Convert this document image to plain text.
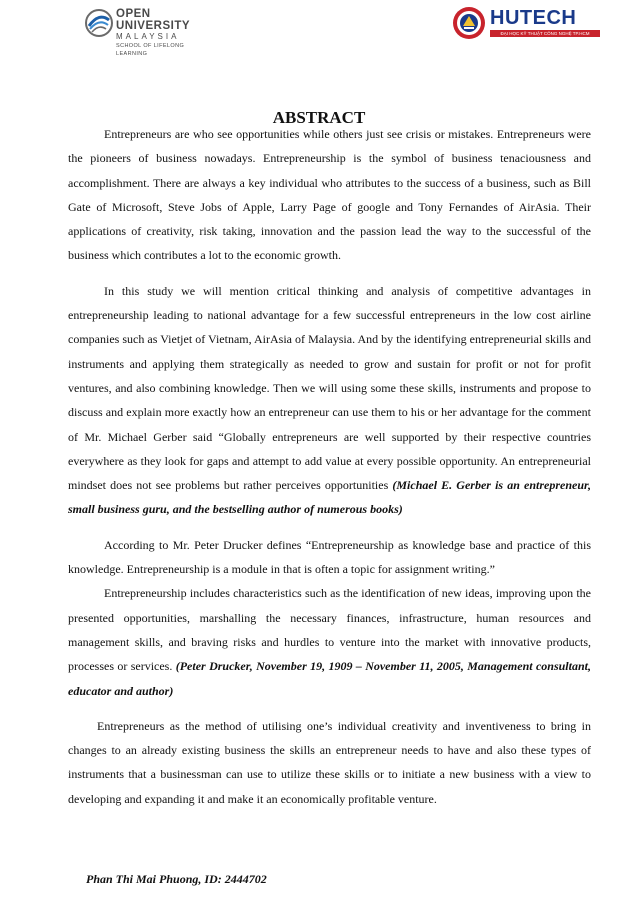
OPEN UNIVERSITY
MALAYSIA
SCHOOL OF LIFELONG LEARNING
HUTECH
ĐẠI HỌC KỸ THUẬT CÔNG NGHỆ TP.HCM
ABSTRACT

Entrepreneurs are who see opportunities while others just see crisis or mistakes. Entrepreneurs were the pioneers of business nowadays. Entrepreneurship is the symbol of business tenaciousness and accomplishment. There are always a key individual who attributes to the success of a business, such as Bill Gate of Microsoft, Steve Jobs of Apple, Larry Page of google and Tony Fernandes of AirAsia. Their applications of creativity, risk taking, innovation and the passion lead the way to the successful of the business which contributes a lot to the economic growth.

In this study we will mention critical thinking and analysis of competitive advantages in entrepreneurship leading to national advantage for a few successful entrepreneurs in the low cost airline companies such as Vietjet of Vietnam, AirAsia of Malaysia. And by the identifying entrepreneurial skills and instruments and applying them strategically as needed to grow and sustain for profit or not for profit ventures, and also combining knowledge. Then we will using some these skills, instruments and propose to discuss and explain more exactly how an entrepreneur can use them to his or her advantage for the comment of Mr. Michael Gerber said “Globally entrepreneurs are well supported by their respective countries everywhere as they look for gaps and attempt to add value at every possible opportunity. An entrepreneurial mindset does not see problems but rather perceives opportunities (Michael E. Gerber is an entrepreneur, small business guru, and the bestselling author of numerous books)

According to Mr. Peter Drucker defines “Entrepreneurship as knowledge base and practice of this knowledge. Entrepreneurship is a module in that is often a topic for assignment writing.”

Entrepreneurship includes characteristics such as the identification of new ideas, improving upon the presented opportunities, marshalling the necessary finances, infrastructure, human resources and management skills, and braving risks and hurdles to venture into the market with innovative products, processes or services. (Peter Drucker, November 19, 1909 – November 11, 2005, Management consultant, educator and author)

Entrepreneurs as the method of utilising one’s individual creativity and inventiveness to bring in changes to an already existing business the skills an entrepreneur needs to have and also these types of instruments that a businessman can use to utilize these skills or to initiate a new business with a view to developing and expanding it and make it an economically profitable venture.

Phan Thi Mai Phuong, ID: 2444702
